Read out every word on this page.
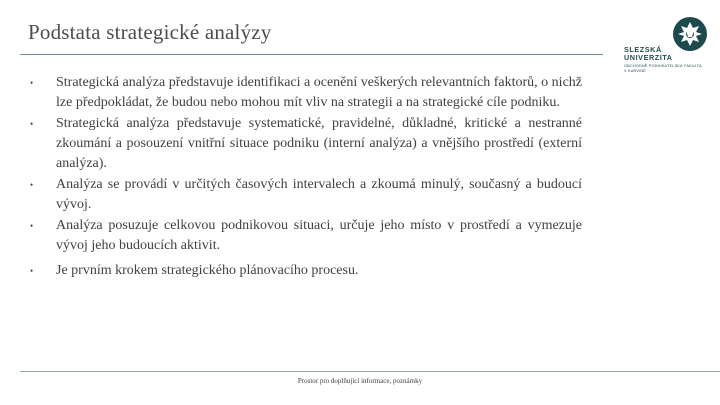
Podstata strategické analýzy
SLEZSKÁ
UNIVERZITA
OBCHODNĚ PODNIKATELSKÁ FAKULTA V KARVINÉ
•	Strategická analýza představuje identifikaci a ocenění veškerých relevantních faktorů, o nichž lze předpokládat, že budou nebo mohou mít vliv na strategii a na strategické cíle podniku.
•	Strategická analýza představuje systematické, pravidelné, důkladné, kritické a nestranné zkoumání a posouzení vnitřní situace podniku (interní analýza) a vnějšího prostředí (externí analýza).
•	Analýza se provádí v určitých časových intervalech a zkoumá minulý, současný a budoucí vývoj.
•	Analýza posuzuje celkovou podnikovou situaci, určuje jeho místo v prostředí a vymezuje vývoj jeho budoucích aktivit.
•	Je prvním krokem strategického plánovacího procesu.
Prostor pro doplňující informace, poznámky
